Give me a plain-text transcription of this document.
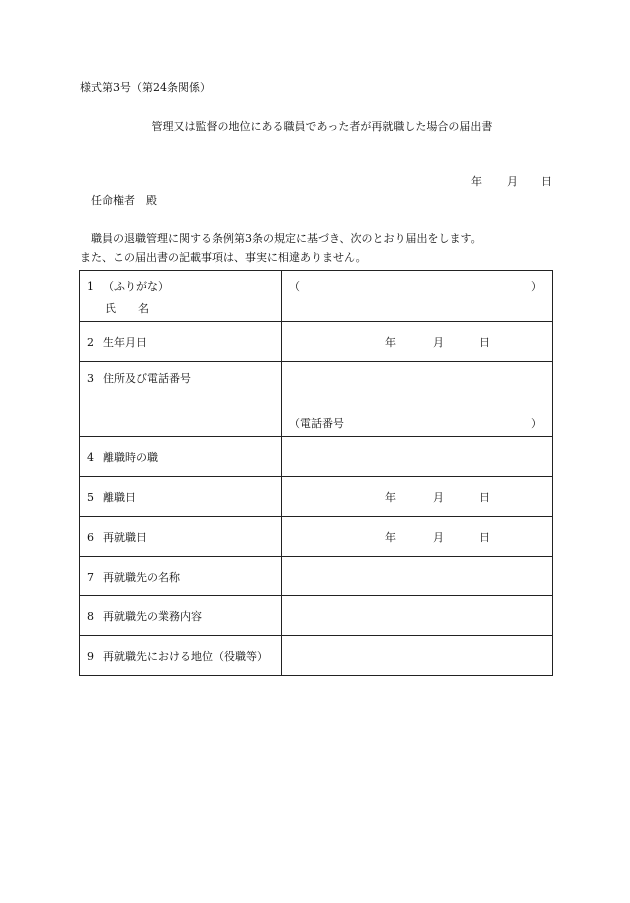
様式第3号（第24条関係）
管理又は監督の地位にある職員であった者が再就職した場合の届出書
年 月 日
任命権者　殿
職員の退職管理に関する条例第3条の規定に基づき、次のとおり届出をします。
また、この届出書の記載事項は、事実に相違ありません。
1 （ふりがな）
氏　　名	（ ）

2 生年月日	年 月 日

3 住所及び電話番号	（電話番号 ）

4 離職時の職	

5 離職日	年 月 日

6 再就職日	年 月 日

7 再就職先の名称	

8 再就職先の業務内容	

9 再就職先における地位（役職等）	
